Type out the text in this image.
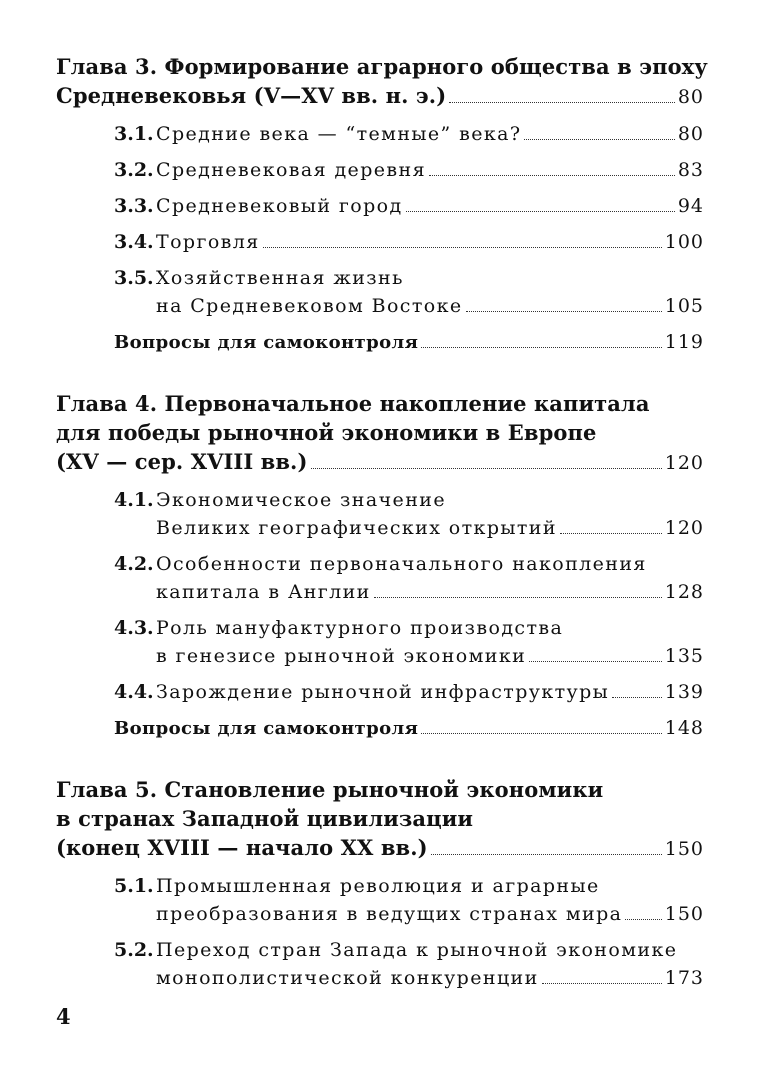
Глава 3. Формирование аграрного общества в эпоху
Средневековья (V—XV вв. н. э.)	80
3.1. Средние века — “темные” века?	80
3.2. Средневековая деревня	83
3.3. Средневековый город	94
3.4. Торговля	100
3.5. Хозяйственная жизнь
на Средневековом Востоке	105
Вопросы для самоконтроля	119
Глава 4. Первоначальное накопление капитала
для победы рыночной экономики в Европе
(XV — сер. XVIII вв.)	120
4.1. Экономическое значение
Великих географических открытий	120
4.2. Особенности первоначального накопления
капитала в Англии	128
4.3. Роль мануфактурного производства
в генезисе рыночной экономики	135
4.4. Зарождение рыночной инфраструктуры	139
Вопросы для самоконтроля	148
Глава 5. Становление рыночной экономики
в странах Западной цивилизации
(конец XVIII — начало XX вв.)	150
5.1. Промышленная революция и аграрные
преобразования в ведущих странах мира 150
5.2. Переход стран Запада к рыночной экономике
монополистической конкуренции	173
4
